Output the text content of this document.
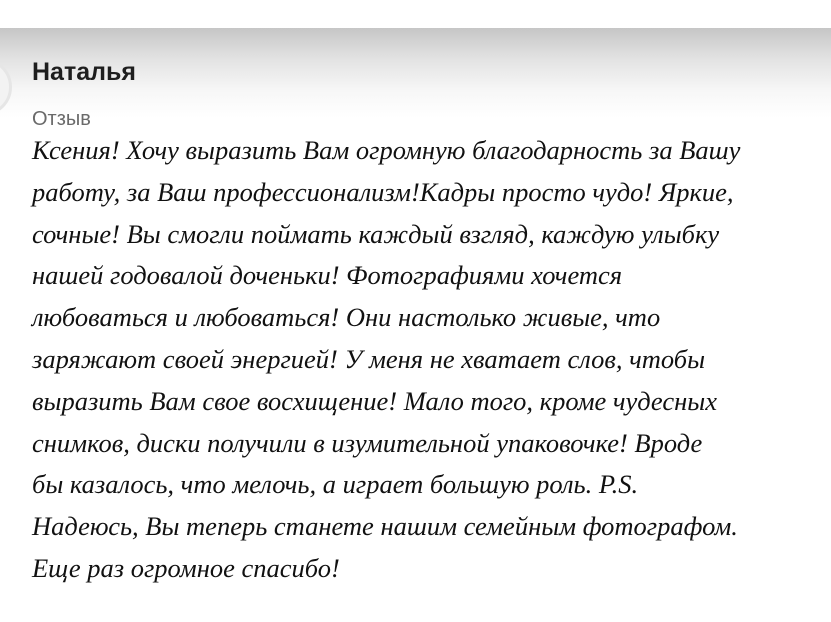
Наталья
Отзыв
Ксения! Хочу выразить Вам огромную благодарность за Вашу
работу, за Ваш профессионализм!Кадры просто чудо! Яркие,
сочные! Вы смогли поймать каждый взгляд, каждую улыбку
нашей годовалой доченьки! Фотографиями хочется
любоваться и любоваться! Они настолько живые, что
заряжают своей энергией! У меня не хватает слов, чтобы
выразить Вам свое восхищение! Мало того, кроме чудесных
снимков, диски получили в изумительной упаковочке! Вроде
бы казалось, что мелочь, а играет большую роль. P.S.
Надеюсь, Вы теперь станете нашим семейным фотографом.
Еще раз огромное спасибо!
